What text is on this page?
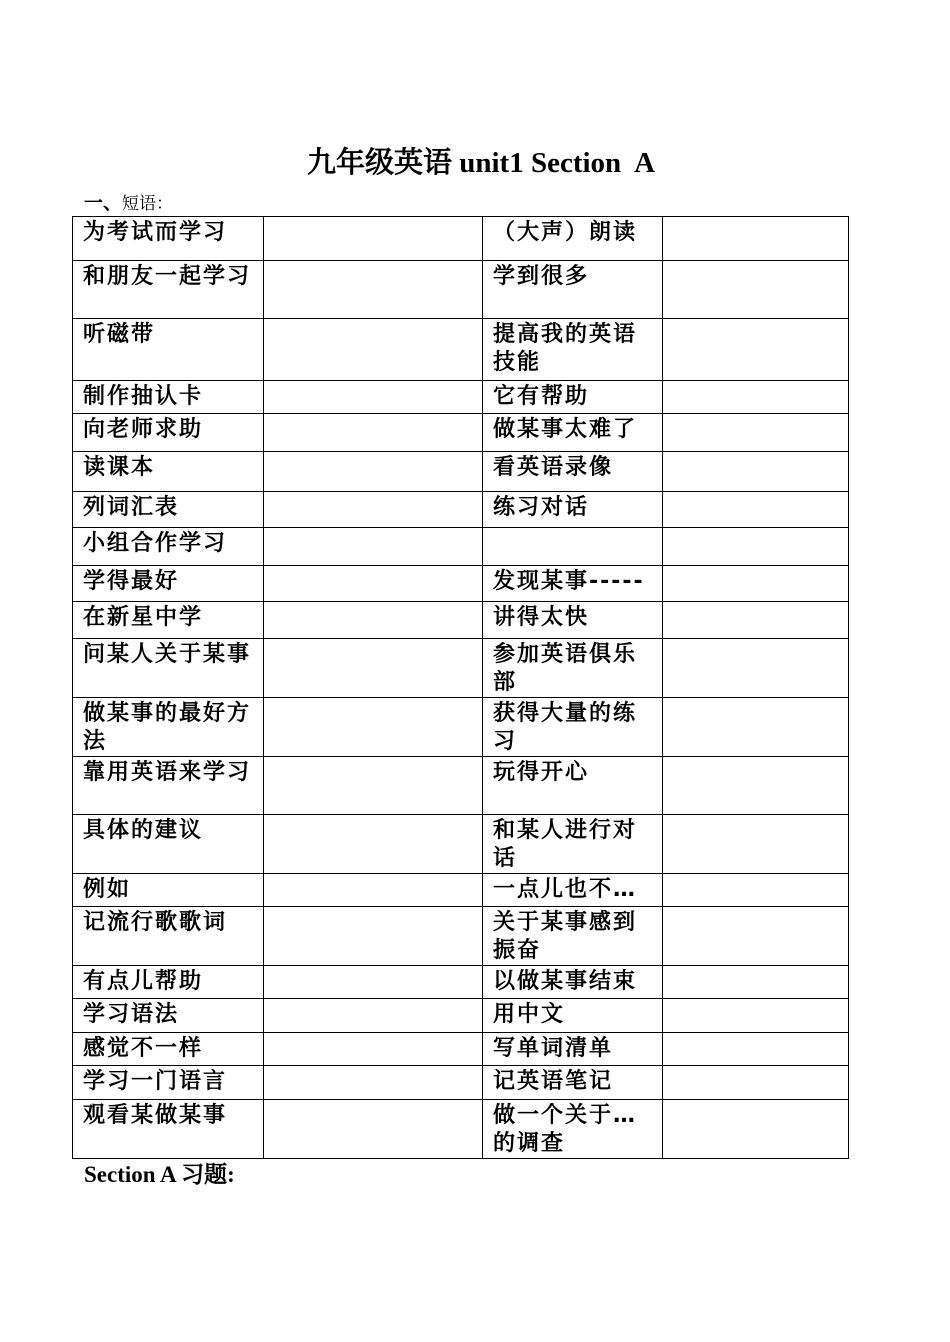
九年级英语 unit1 Section  A
一、短语：
为考试而学习		（大声）朗读	
和朋友一起学习		学到很多	
听磁带		提高我的英语技能	
制作抽认卡		它有帮助	
向老师求助		做某事太难了	
读课本		看英语录像	
列词汇表		练习对话	
小组合作学习			
学得最好		发现某事-----	
在新星中学		讲得太快	
问某人关于某事		参加英语俱乐部	
做某事的最好方法		获得大量的练习	
靠用英语来学习		玩得开心	
具体的建议		和某人进行对话	
例如		一点儿也不…	
记流行歌歌词		关于某事感到振奋	
有点儿帮助		以做某事结束	
学习语法		用中文	
感觉不一样		写单词清单	
学习一门语言		记英语笔记	
观看某做某事		做一个关于…的调查	
Section A 习题:
